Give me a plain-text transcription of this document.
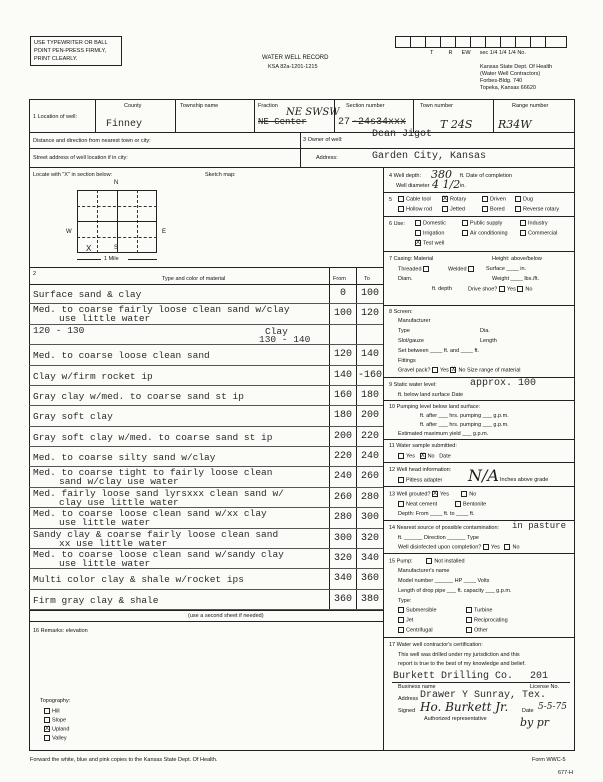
USE TYPEWRITER OR BALL
POINT PEN-PRESS FIRMLY,
PRINT CLEARLY.	WATER WELL RECORD
KSA 82a-1201-1215
T          R      EW      sec 1/4 1/4 1/4 No.
Kansas State Dept. Of Health
(Water Well Contractors)
Forbes-Bldg. 740
Topeka, Kansas 66620
1 Location of well:
County
Finney
Township name	Fraction
NE SWSW
NE Center
Section number
27 -24s34xxx
Town number
T 24S
Range number
R34W
Distance and direction from nearest town or city:
Street address of well location if in city:
3 Owner of well:	Dean Jigot
Address:	Garden City, Kansas
Locate with "X" in section below:	Sketch map:
N
S
W	E
X
1 Mile
4 Well depth: 380 ft. Date of completion
Well diameter 4 1/2 in.
5	Cable tool X Rotary	Driven	Dug
Hollow rod	Jetted	Bored	Reverse rotary
6 Use:	Domestic	Public supply	Industry
Irrigation	Air conditioning	Commercial
X Test well
7 Casing: Material	Height: above/below
Threaded	Welded	Surface ____ in.
Diam.	Weight ____ lbs./ft.
ft. depth	Drive shoe? Yes No
8 Screen:
Manufacturer
Type	Dia.
Slot/gauze	Length
Set between ____ ft. and ____ ft.
Fittings
Gravel pack? Yes X No Size range of material
9 Static water level:	approx. 100
ft. below land surface Date
10 Pumping level below land surface:
ft. after ___ hrs. pumping ___ g.p.m.
ft. after ___ hrs. pumping ___ g.p.m.
Estimated maximum yield ___ g.p.m.
11 Water sample submitted:
Yes X No Date
12 Well head information:
Pitless adapter N/A Inches above grade
13 Well grouted? X Yes	No
Neat cement	Bentonite
Depth: From ____ ft. to ____ ft.
14 Nearest source of possible contamination: in pasture
ft. ______ Direction ______ Type
Well disinfected upon completion? Yes No
15 Pump:	Not installed
Manufacturer's name
Model number ______ HP ____ Volts
Length of drop pipe ___ ft. capacity ___ g.p.m.
Type:
Submersible	Turbine
Jet	Reciprocating
Centrifugal	Other
17 Water well contractor's certification:
This well was drilled under my jurisdiction and this
report is true to the best of my knowledge and belief.
Burkett Drilling Co. 201
Business name	License No.
Address Drawer Y Sunray, Tex.
Signed Ho. Burkett Jr. Date 5-5-75
Authorized representative	by pr
2
Type and color of material	From	To
Surface sand & clay	0	100
Med. to coarse fairly loose clean sand w/clay
use little water	100 120
120 - 130
130 - 140
Clay
Med. to coarse loose clean sand	120 140
Clay w/firm rocket ip	140 -160
Gray clay w/med. to coarse sand st ip	160 180
Gray soft clay	180 200
Gray soft clay w/med. to coarse sand st ip	200 220
Med. to coarse silty sand w/clay	220 240
Med. to coarse tight to fairly loose clean
sand w/clay use water	240 260
Med. fairly loose sand lyrsxxx clean sand w/
clay use little water	260 280
Med. to coarse loose clean sand w/xx clay
use little water	280 300
Sandy clay & coarse fairly loose clean sand
xx use little water	300 320
Med. to coarse loose clean sand w/sandy clay
use little water	320 340
Multi color clay & shale w/rocket ips	340 360
Firm gray clay & shale	360 380
(use a second sheet if needed)
16 Remarks: elevation
Topography:
Hill
Slope
X Upland
Valley
Forward the white, blue and pink copies to the Kansas State Dept. Of Health.	Form WWC-5
677-H
